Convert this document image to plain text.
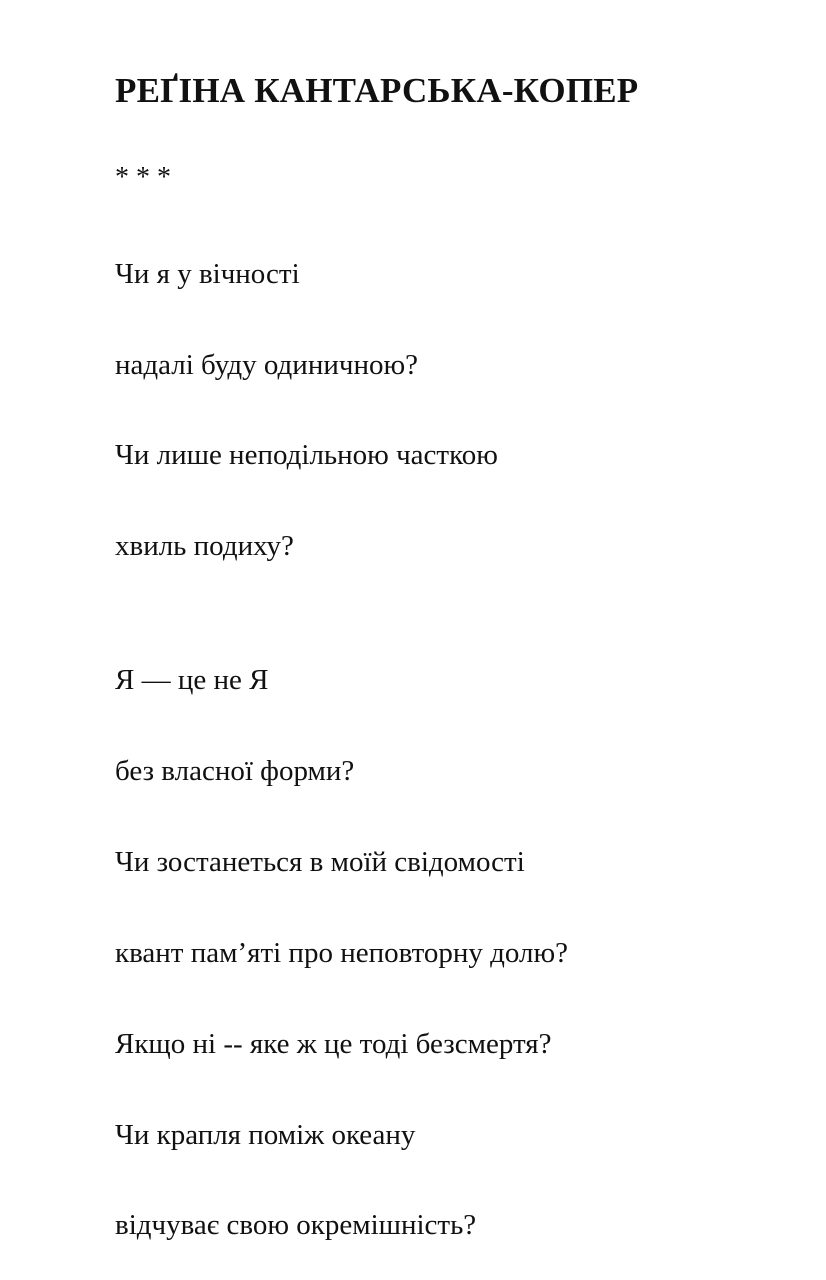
РЕҐІНА КАНТАРСЬКА-КОПЕР
* * *

Чи я у вічності

надалі буду одиничною?

Чи лише неподільною часткою

хвиль подиху?

Я — це не Я

без власної форми?

Чи зостанеться в моїй свідомості

квант пам’яті про неповторну долю?

Якщо ні -- яке ж це тоді безсмертя?

Чи крапля поміж океану

відчуває свою окремішність?
